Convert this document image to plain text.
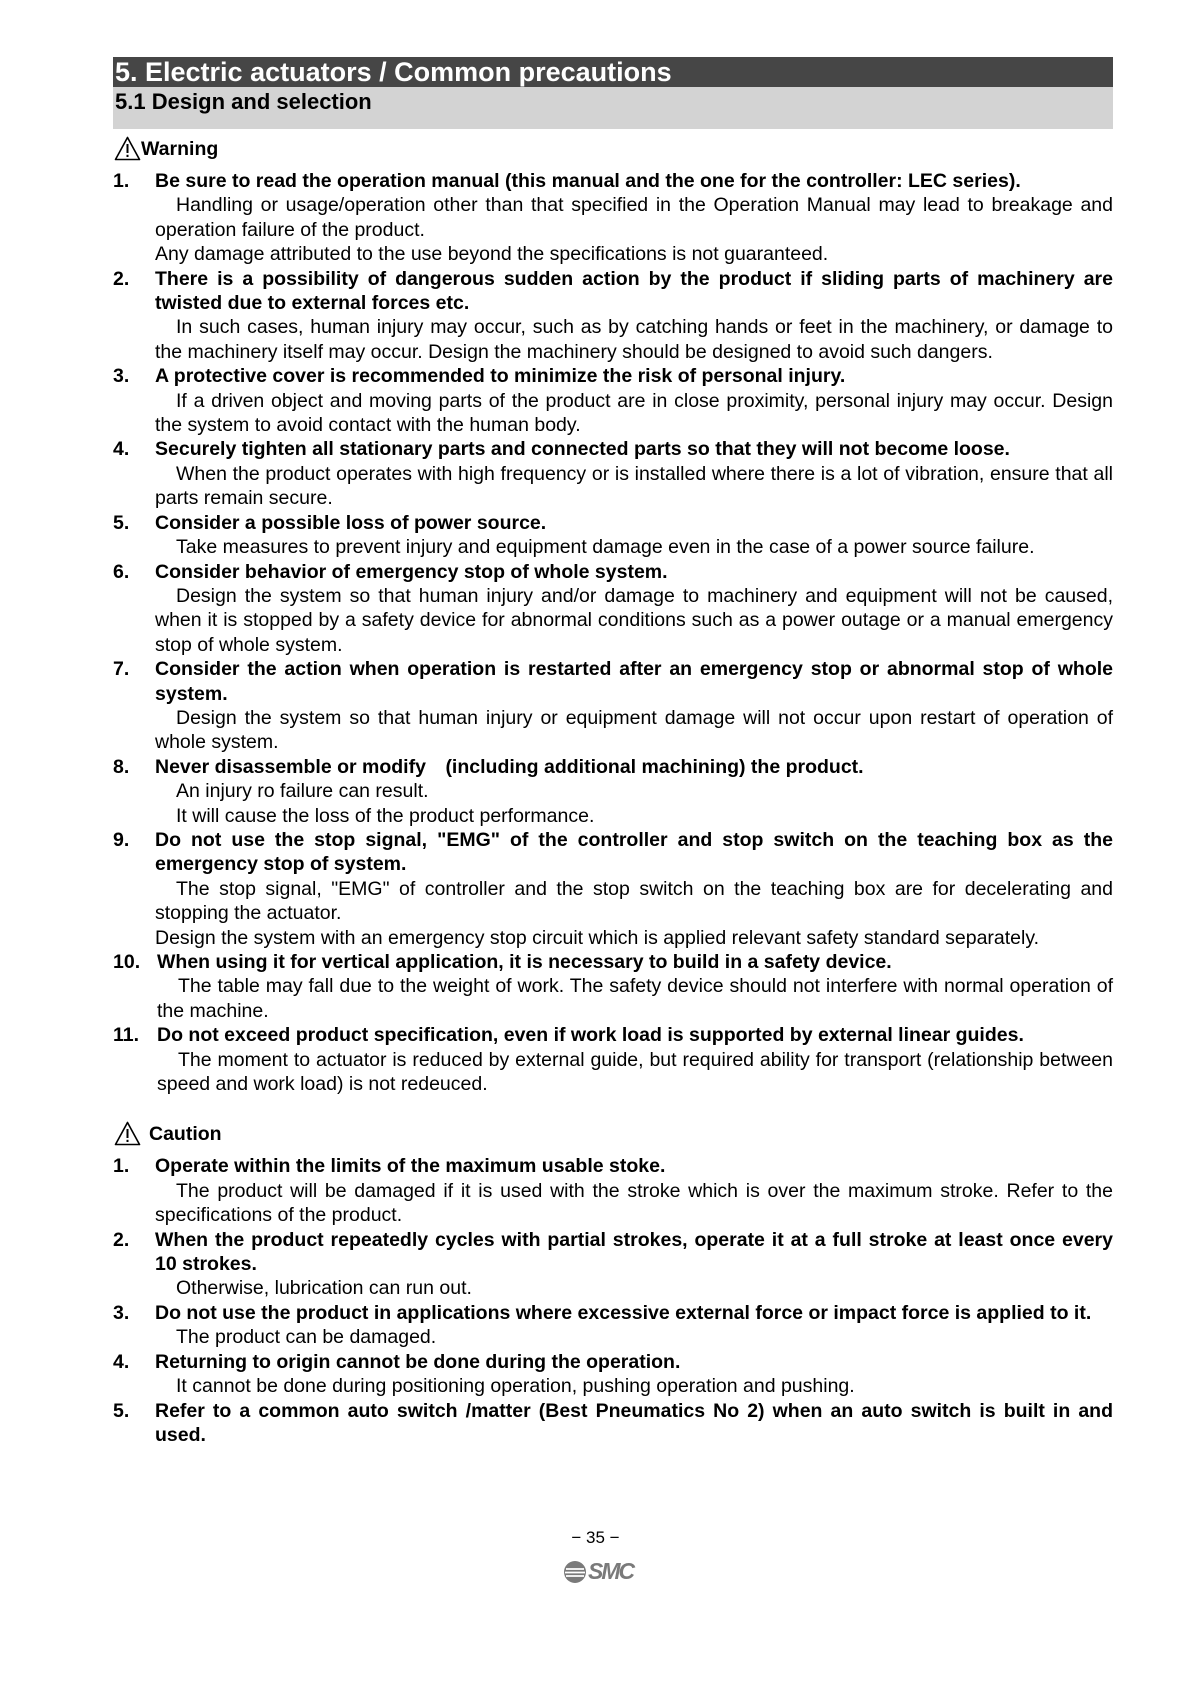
5. Electric actuators / Common precautions
5.1 Design and selection
Warning
1. Be sure to read the operation manual (this manual and the one for the controller: LEC series).

Handling or usage/operation other than that specified in the Operation Manual may lead to breakage and operation failure of the product.

Any damage attributed to the use beyond the specifications is not guaranteed.

2. There is a possibility of dangerous sudden action by the product if sliding parts of machinery are twisted due to external forces etc.

In such cases, human injury may occur, such as by catching hands or feet in the machinery, or damage to the machinery itself may occur. Design the machinery should be designed to avoid such dangers.

3. A protective cover is recommended to minimize the risk of personal injury.

If a driven object and moving parts of the product are in close proximity, personal injury may occur. Design the system to avoid contact with the human body.

4. Securely tighten all stationary parts and connected parts so that they will not become loose.

When the product operates with high frequency or is installed where there is a lot of vibration, ensure that all parts remain secure.

5. Consider a possible loss of power source.

Take measures to prevent injury and equipment damage even in the case of a power source failure.

6. Consider behavior of emergency stop of whole system.

Design the system so that human injury and/or damage to machinery and equipment will not be caused, when it is stopped by a safety device for abnormal conditions such as a power outage or a manual emergency stop of whole system.

7. Consider the action when operation is restarted after an emergency stop or abnormal stop of whole system.

Design the system so that human injury or equipment damage will not occur upon restart of operation of whole system.

8. Never disassemble or modify　(including additional machining) the product.

An injury ro failure can result.

It will cause the loss of the product performance.

9. Do not use the stop signal, "EMG" of the controller and stop switch on the teaching box as the emergency stop of system.

The stop signal, "EMG" of controller and the stop switch on the teaching box are for decelerating and stopping the actuator.

Design the system with an emergency stop circuit which is applied relevant safety standard separately.

10. When using it for vertical application, it is necessary to build in a safety device.

The table may fall due to the weight of work. The safety device should not interfere with normal operation of the machine.

11. Do not exceed product specification, even if work load is supported by external linear guides.

The moment to actuator is reduced by external guide, but required ability for transport (relationship between speed and work load) is not redeuced.

Caution
1. Operate within the limits of the maximum usable stoke.

The product will be damaged if it is used with the stroke which is over the maximum stroke. Refer to the specifications of the product.

2. When the product repeatedly cycles with partial strokes, operate it at a full stroke at least once every 10 strokes.

Otherwise, lubrication can run out.

3. Do not use the product in applications where excessive external force or impact force is applied to it.

The product can be damaged.

4. Returning to origin cannot be done during the operation.

It cannot be done during positioning operation, pushing operation and pushing.

5. Refer to a common auto switch /matter (Best Pneumatics No 2) when an auto switch is built in and used.
− 35 −
SMC
